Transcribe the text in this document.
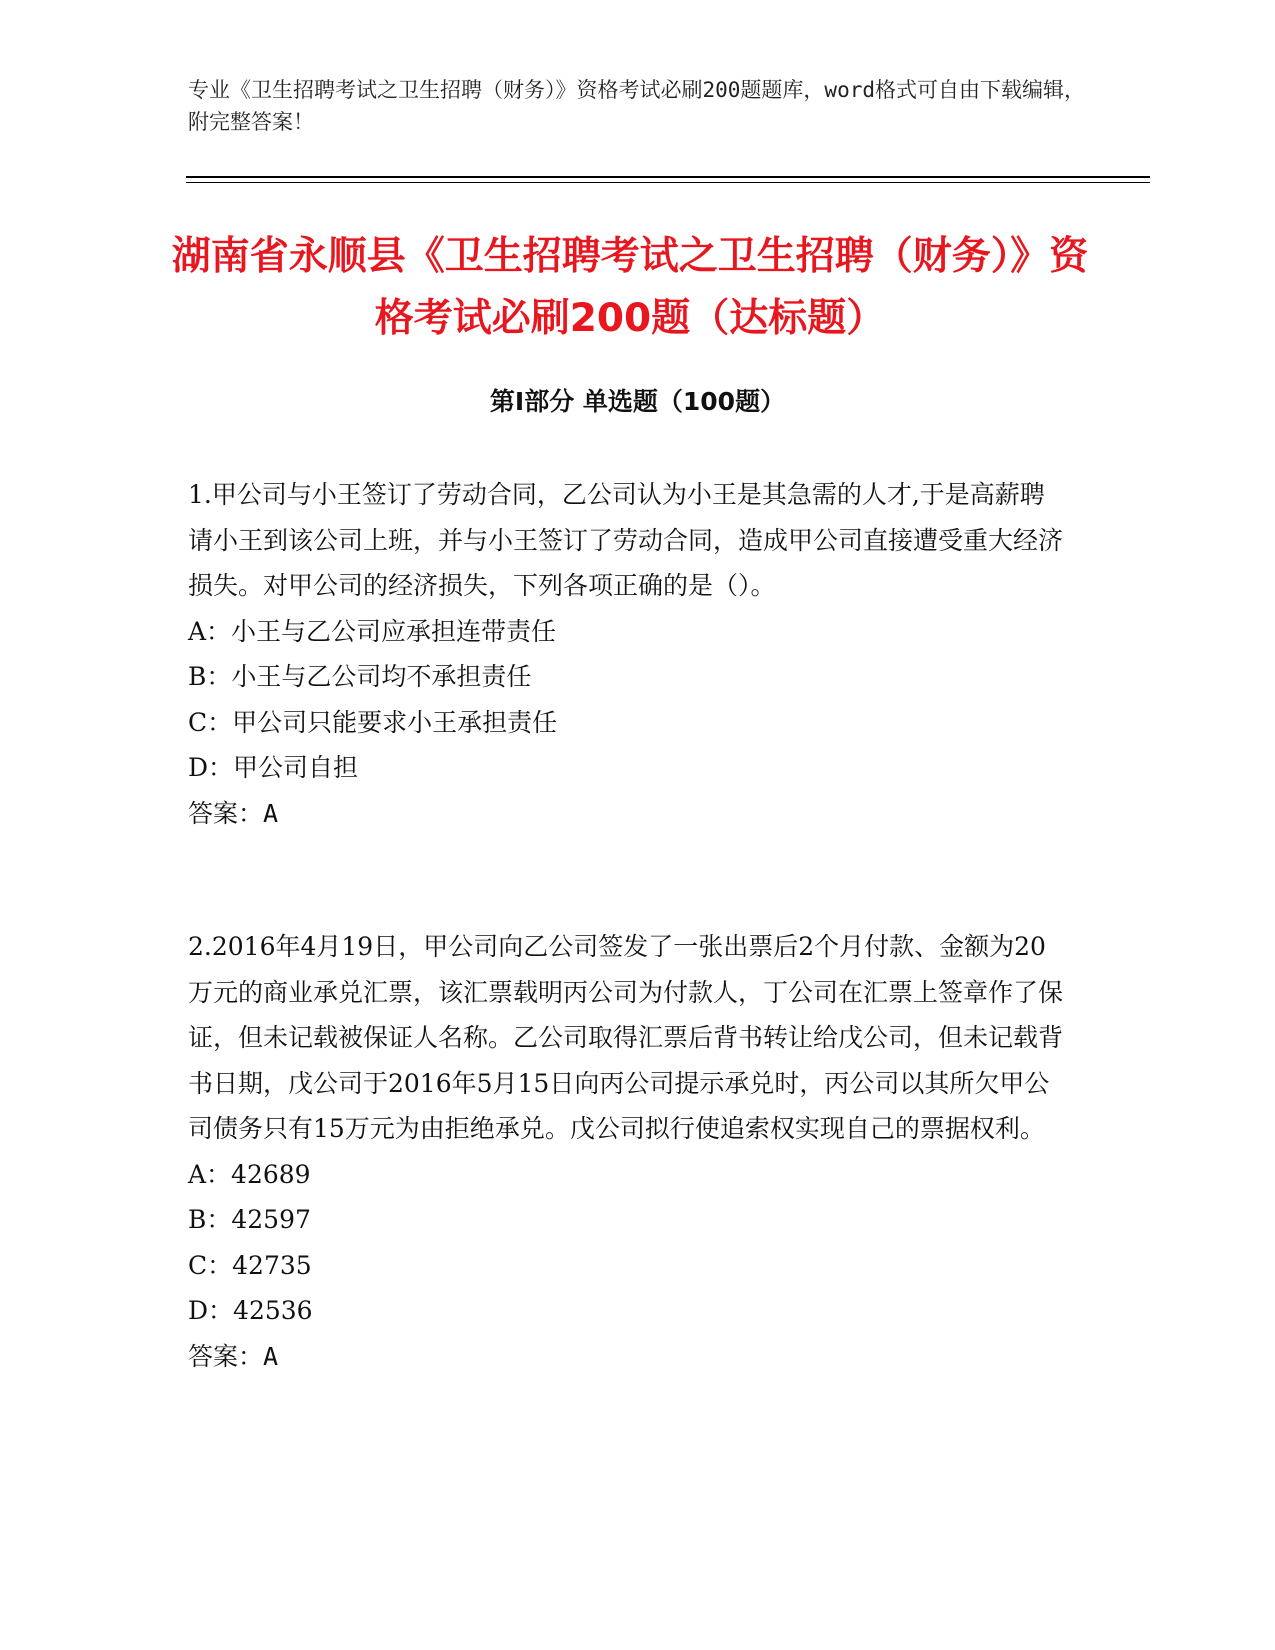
专业《卫生招聘考试之卫生招聘（财务）》资格考试必刷200题题库，word格式可自由下载编辑，附完整答案！
湖南省永顺县《卫生招聘考试之卫生招聘（财务）》资格考试必刷200题（达标题）
第Ⅰ部分 单选题（100题）

1.甲公司与小王签订了劳动合同，乙公司认为小王是其急需的人才,于是高薪聘请小王到该公司上班，并与小王签订了劳动合同，造成甲公司直接遭受重大经济损失。对甲公司的经济损失，下列各项正确的是（）。

A：小王与乙公司应承担连带责任

B：小王与乙公司均不承担责任

C：甲公司只能要求小王承担责任

D：甲公司自担

答案：A

2.2016年4月19日，甲公司向乙公司签发了一张出票后2个月付款、金额为20万元的商业承兑汇票，该汇票载明丙公司为付款人，丁公司在汇票上签章作了保证，但未记载被保证人名称。乙公司取得汇票后背书转让给戊公司，但未记载背书日期，戊公司于2016年5月15日向丙公司提示承兑时，丙公司以其所欠甲公司债务只有15万元为由拒绝承兑。戊公司拟行使追索权实现自己的票据权利。

A：42689

B：42597

C：42735

D：42536

答案：A
